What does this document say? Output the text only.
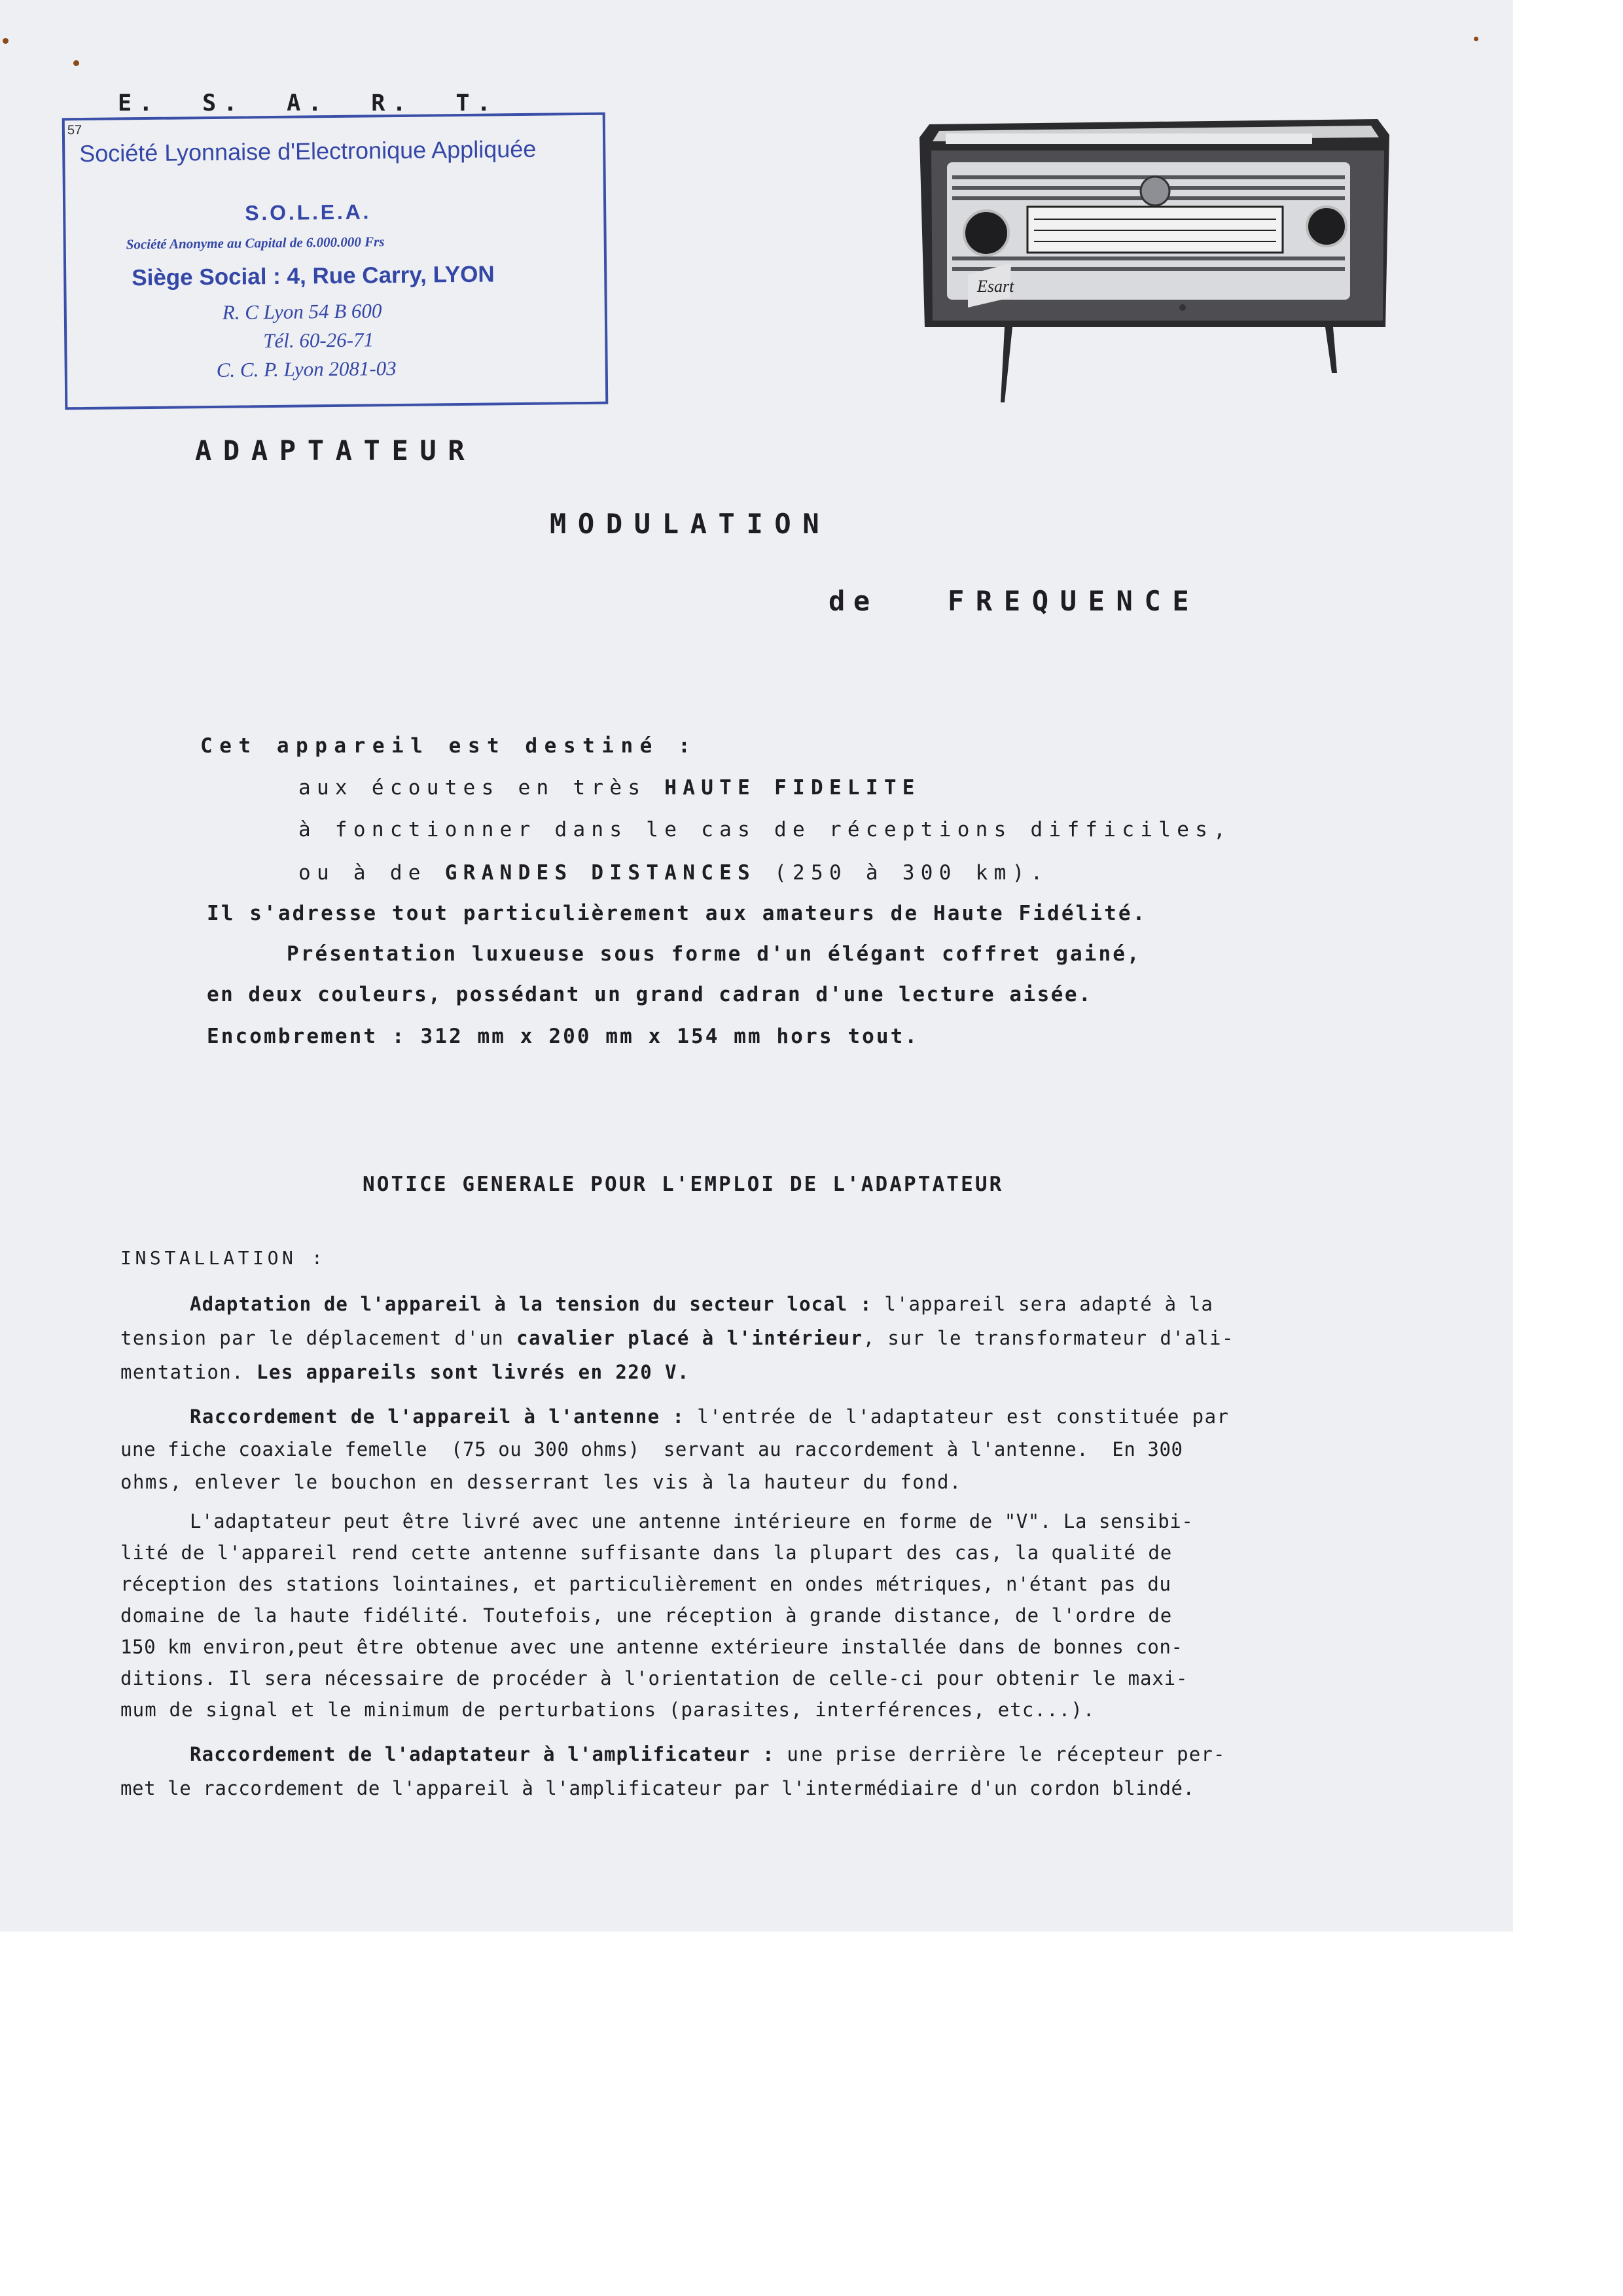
E.  S.  A.  R.  T.
57
Société Lyonnaise d'Electronique Appliquée
S.O.L.E.A.
Société Anonyme au Capital de 6.000.000 Frs
Siège Social : 4, Rue Carry, LYON
R. C Lyon 54 B 600
Tél. 60-26-71
C. C. P. Lyon 2081-03
Esart
ADAPTATEUR
MODULATION
de	FREQUENCE
Cet appareil est destiné :
aux écoutes en très HAUTE FIDELITE
à fonctionner dans le cas de réceptions difficiles,
ou à de GRANDES DISTANCES (250 à 300 km).
Il s'adresse tout particulièrement aux amateurs de Haute Fidélité.
Présentation luxueuse sous forme d'un élégant coffret gainé,
en deux couleurs, possédant un grand cadran d'une lecture aisée.
Encombrement : 312 mm x 200 mm x 154 mm hors tout.
NOTICE GENERALE POUR L'EMPLOI DE L'ADAPTATEUR
INSTALLATION :
Adaptation de l'appareil à la tension du secteur local : l'appareil sera adapté à la
tension par le déplacement d'un cavalier placé à l'intérieur, sur le transformateur d'ali-
mentation. Les appareils sont livrés en 220 V.
Raccordement de l'appareil à l'antenne : l'entrée de l'adaptateur est constituée par
une fiche coaxiale femelle  (75 ou 300 ohms)  servant au raccordement à l'antenne.  En 300
ohms, enlever le bouchon en desserrant les vis à la hauteur du fond.
L'adaptateur peut être livré avec une antenne intérieure en forme de "V". La sensibi-
lité de l'appareil rend cette antenne suffisante dans la plupart des cas, la qualité de
réception des stations lointaines, et particulièrement en ondes métriques, n'étant pas du
domaine de la haute fidélité. Toutefois, une réception à grande distance, de l'ordre de
150 km environ,peut être obtenue avec une antenne extérieure installée dans de bonnes con-
ditions. Il sera nécessaire de procéder à l'orientation de celle-ci pour obtenir le maxi-
mum de signal et le minimum de perturbations (parasites, interférences, etc...).
Raccordement de l'adaptateur à l'amplificateur : une prise derrière le récepteur per-
met le raccordement de l'appareil à l'amplificateur par l'intermédiaire d'un cordon blindé.
